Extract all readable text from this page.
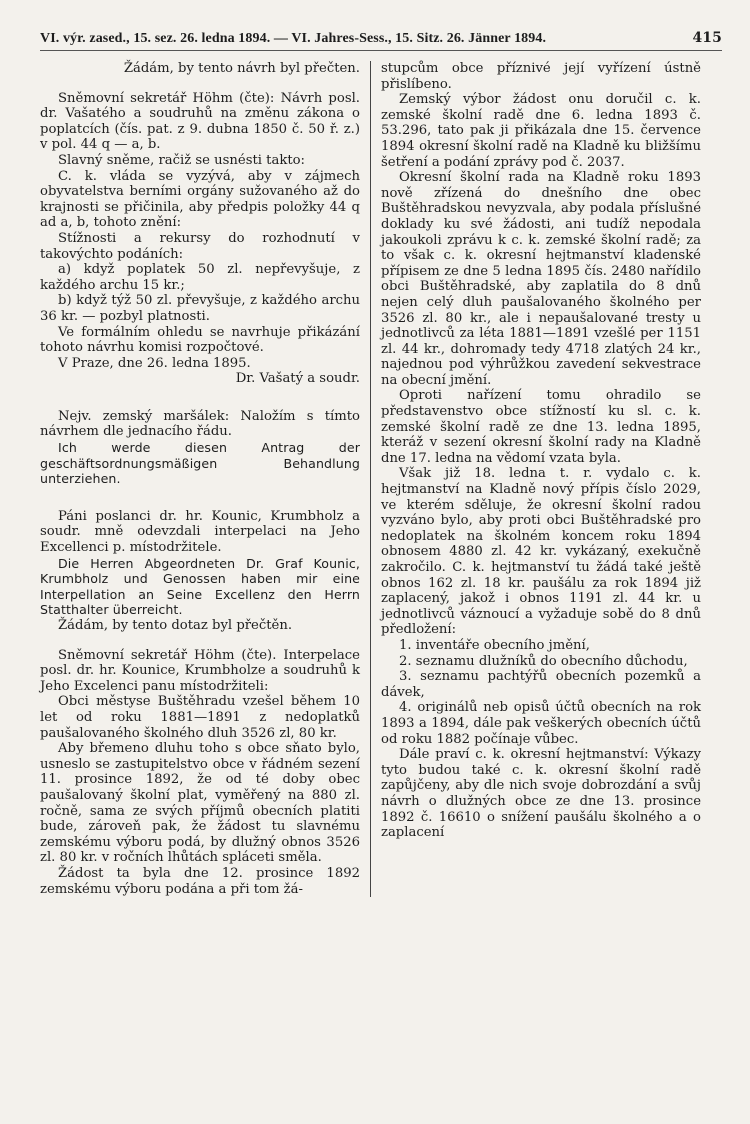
VI. výr. zased., 15. sez. 26. ledna 1894. — VI. Jahres-Sess., 15. Sitz. 26. Jänner 1894.	415

Žádám, by tento návrh byl přečten.

Sněmovní sekretář Höhm (čte): Návrh posl. dr. Vašatého a soudruhů na změnu zákona o poplatcích (čís. pat. z 9. dubna 1850 č. 50 ř. z.) v pol. 44 q — a, b.

Slavný sněme, račiž se usnésti takto:

C. k. vláda se vyzývá, aby v zájmech obyvatelstva berními orgány sužovaného až do krajnosti se přičinila, aby předpis položky 44 q ad a, b, tohoto znění:

Stížnosti a rekursy do rozhodnutí v takovýchto podáních:

a) když poplatek 50 zl. nepřevyšuje, z každého archu 15 kr.;

b) když týž 50 zl. převyšuje, z každého archu 36 kr. — pozbyl platnosti.

Ve formálním ohledu se navrhuje přikázání tohoto návrhu komisi rozpočtové.

V Praze, dne 26. ledna 1895.

Dr. Vašatý a soudr.

Nejv. zemský maršálek: Naložím s tímto návrhem dle jednacího řádu.

Ich werde diesen Antrag der geschäftsordnungsmäßigen Behandlung unterziehen.

Páni poslanci dr. hr. Kounic, Krumbholz a soudr. mně odevzdali interpelaci na Jeho Excellenci p. místodržitele.

Die Herren Abgeordneten Dr. Graf Kounic, Krumbholz und Genossen haben mir eine Interpellation an Seine Excellenz den Herrn Statthalter überreicht.

Žádám, by tento dotaz byl přečtěn.

Sněmovní sekretář Höhm (čte). Interpelace posl. dr. hr. Kounice, Krumbholze a soudruhů k Jeho Excelenci panu místodržiteli:

Obci městyse Buštěhradu vzešel během 10 let od roku 1881—1891 z nedoplatků paušalovaného školného dluh 3526 zl, 80 kr.

Aby břemeno dluhu toho s obce sňato bylo, usneslo se zastupitelstvo obce v řádném sezení 11. prosince 1892, že od té doby obec paušalovaný školní plat, vyměřený na 880 zl. ročně, sama ze svých příjmů obecních platiti bude, zároveň pak, že žádost tu slavnému zemskému výboru podá, by dlužný obnos 3526 zl. 80 kr. v ročních lhůtách spláceti směla.

Žádost ta byla dne 12. prosince 1892 zemskému výboru podána a při tom žá-

stupcům obce příznivé její vyřízení ústně přislíbeno.

Zemský výbor žádost onu doručil c. k. zemské školní radě dne 6. ledna 1893 č. 53.296, tato pak ji přikázala dne 15. července 1894 okresní školní radě na Kladně ku bližšímu šetření a podání zprávy pod č. 2037.

Okresní školní rada na Kladně roku 1893 nově zřízená do dnešního dne obec Buštěhradskou nevyzvala, aby podala příslušné doklady ku své žádosti, ani tudíž nepodala jakoukoli zprávu k c. k. zemské školní radě; za to však c. k. okresní hejtmanství kladenské přípisem ze dne 5 ledna 1895 čís. 2480 nařídilo obci Buštěhradské, aby zaplatila do 8 dnů nejen celý dluh paušalovaného školného per 3526 zl. 80 kr., ale i nepaušalované tresty u jednotlivců za léta 1881—1891 vzešlé per 1151 zl. 44 kr., dohromady tedy 4718 zlatých 24 kr., najednou pod výhrůžkou zavedení sekvestrace na obecní jmění.

Oproti nařízení tomu ohradilo se představenstvo obce stížností ku sl. c. k. zemské školní radě ze dne 13. ledna 1895, kteráž v sezení okresní školní rady na Kladně dne 17. ledna na vědomí vzata byla.

Však již 18. ledna t. r. vydalo c. k. hejtmanství na Kladně nový přípis číslo 2029, ve kterém sděluje, že okresní školní radou vyzváno bylo, aby proti obci Buštěhradské pro nedoplatek na školném koncem roku 1894 obnosem 4880 zl. 42 kr. vykázaný, exekučně zakročilo. C. k. hejtmanství tu žádá také ještě obnos 162 zl. 18 kr. paušálu za rok 1894 již zaplacený, jakož i obnos 1191 zl. 44 kr. u jednotlivců váznoucí a vyžaduje sobě do 8 dnů předložení:

1. inventáře obecního jmění,

2. seznamu dlužníků do obecního důchodu,

3. seznamu pachtýřů obecních pozemků a dávek,

4. originálů neb opisů účtů obecních na rok 1893 a 1894, dále pak veškerých obecních účtů od roku 1882 počínaje vůbec.

Dále praví c. k. okresní hejtmanství: Výkazy tyto budou také c. k. okresní školní radě zapůjčeny, aby dle nich svoje dobrozdání a svůj návrh o dlužných obce ze dne 13. prosince 1892 č. 16610 o snížení paušálu školného a o zaplacení
